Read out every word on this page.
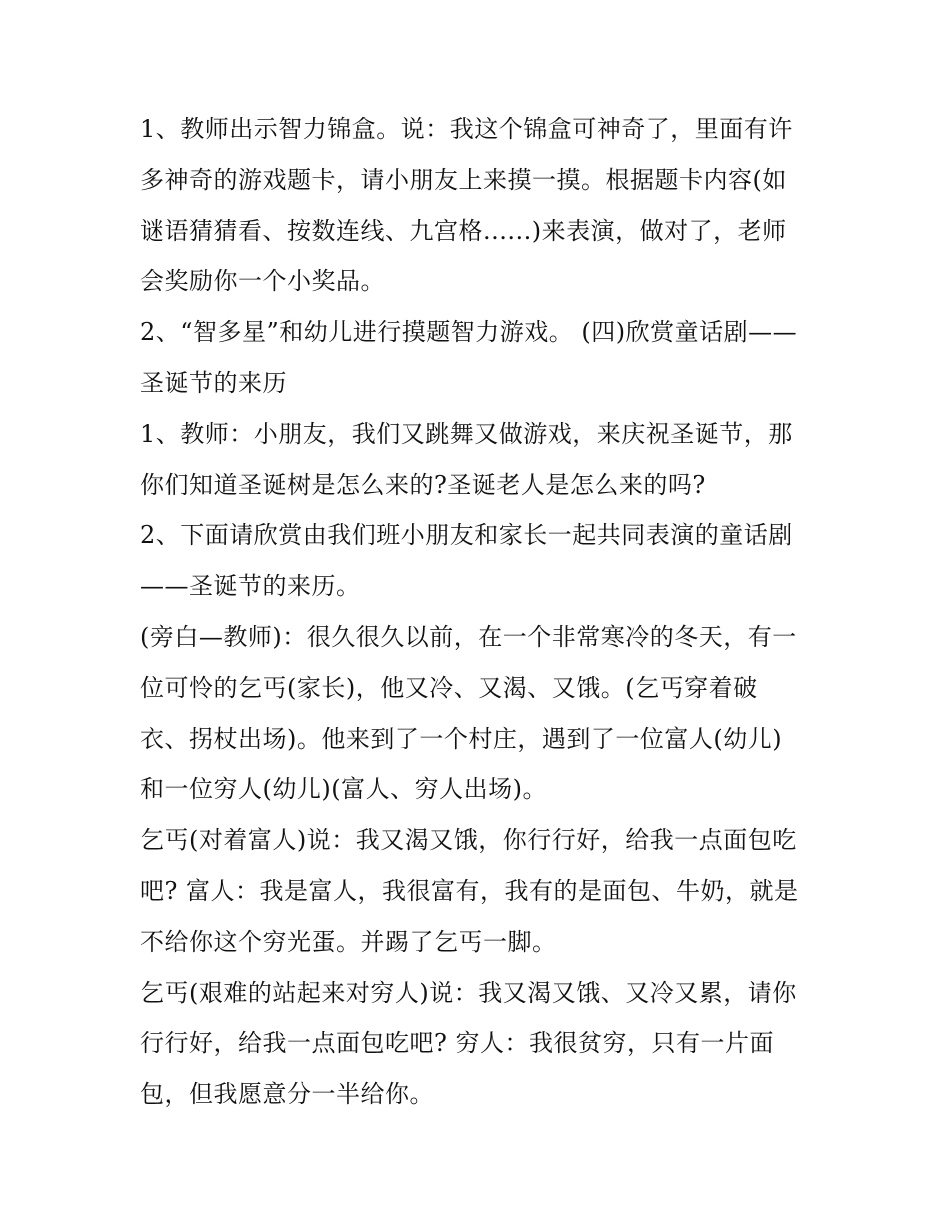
1、教师出示智力锦盒。说：我这个锦盒可神奇了，里面有许
多神奇的游戏题卡，请小朋友上来摸一摸。根据题卡内容(如
谜语猜猜看、按数连线、九宫格......)来表演，做对了，老师
会奖励你一个小奖品。
2、“智多星”和幼儿进行摸题智力游戏。 (四)欣赏童话剧——
圣诞节的来历
1、教师：小朋友，我们又跳舞又做游戏，来庆祝圣诞节，那
你们知道圣诞树是怎么来的?圣诞老人是怎么来的吗?
2、下面请欣赏由我们班小朋友和家长一起共同表演的童话剧
——圣诞节的来历。
(旁白—教师)：很久很久以前，在一个非常寒冷的冬天，有一
位可怜的乞丐(家长)，他又冷、又渴、又饿。(乞丐穿着破
衣、拐杖出场)。他来到了一个村庄，遇到了一位富人(幼儿)
和一位穷人(幼儿)(富人、穷人出场)。
乞丐(对着富人)说：我又渴又饿，你行行好，给我一点面包吃
吧? 富人：我是富人，我很富有，我有的是面包、牛奶，就是
不给你这个穷光蛋。并踢了乞丐一脚。
乞丐(艰难的站起来对穷人)说：我又渴又饿、又冷又累，请你
行行好，给我一点面包吃吧? 穷人：我很贫穷，只有一片面
包，但我愿意分一半给你。
